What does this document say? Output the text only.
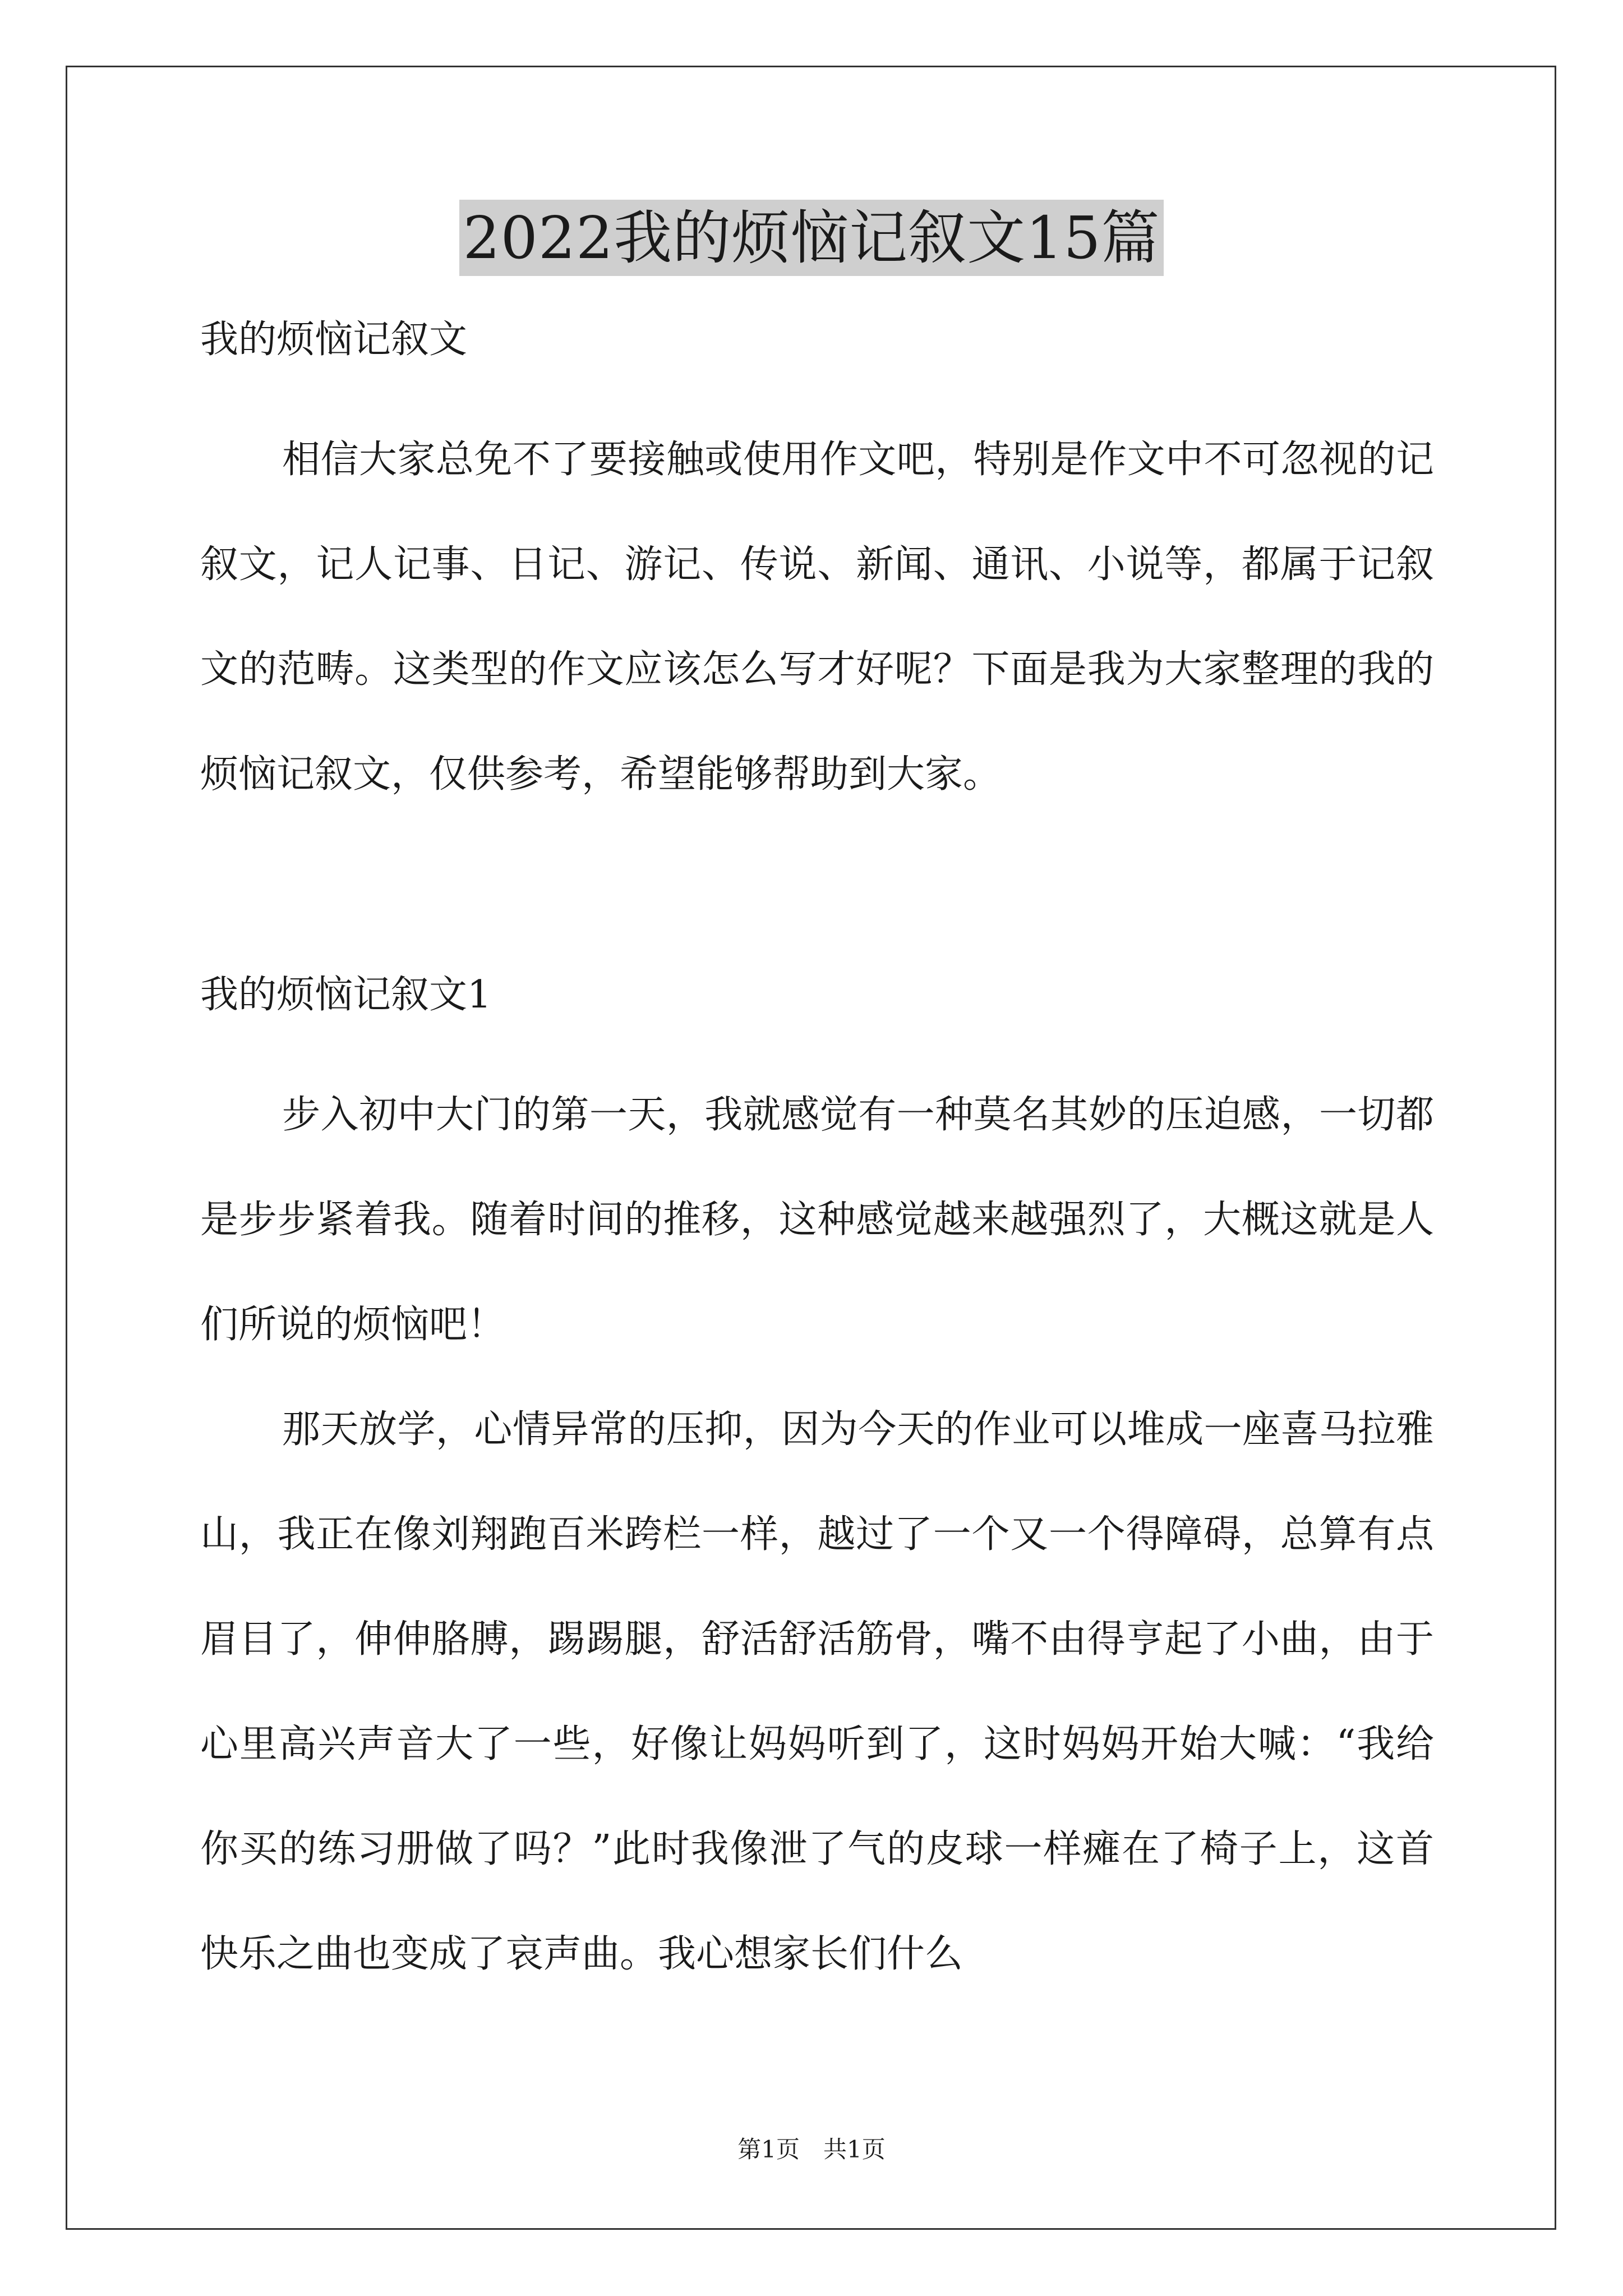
2022我的烦恼记叙文15篇

我的烦恼记叙文

相信大家总免不了要接触或使用作文吧，特别是作文中不可忽视的记叙文，记人记事、日记、游记、传说、新闻、通讯、小说等，都属于记叙文的范畴。这类型的作文应该怎么写才好呢？下面是我为大家整理的我的烦恼记叙文，仅供参考，希望能够帮助到大家。

我的烦恼记叙文1

步入初中大门的第一天，我就感觉有一种莫名其妙的压迫感，一切都是步步紧着我。随着时间的推移，这种感觉越来越强烈了，大概这就是人们所说的烦恼吧！

那天放学，心情异常的压抑，因为今天的作业可以堆成一座喜马拉雅山，我正在像刘翔跑百米跨栏一样，越过了一个又一个得障碍，总算有点眉目了，伸伸胳膊，踢踢腿，舒活舒活筋骨，嘴不由得亨起了小曲，由于心里高兴声音大了一些，好像让妈妈听到了，这时妈妈开始大喊：“我给你买的练习册做了吗？”此时我像泄了气的皮球一样瘫在了椅子上，这首快乐之曲也变成了哀声曲。我心想家长们什么

第1页　共1页
